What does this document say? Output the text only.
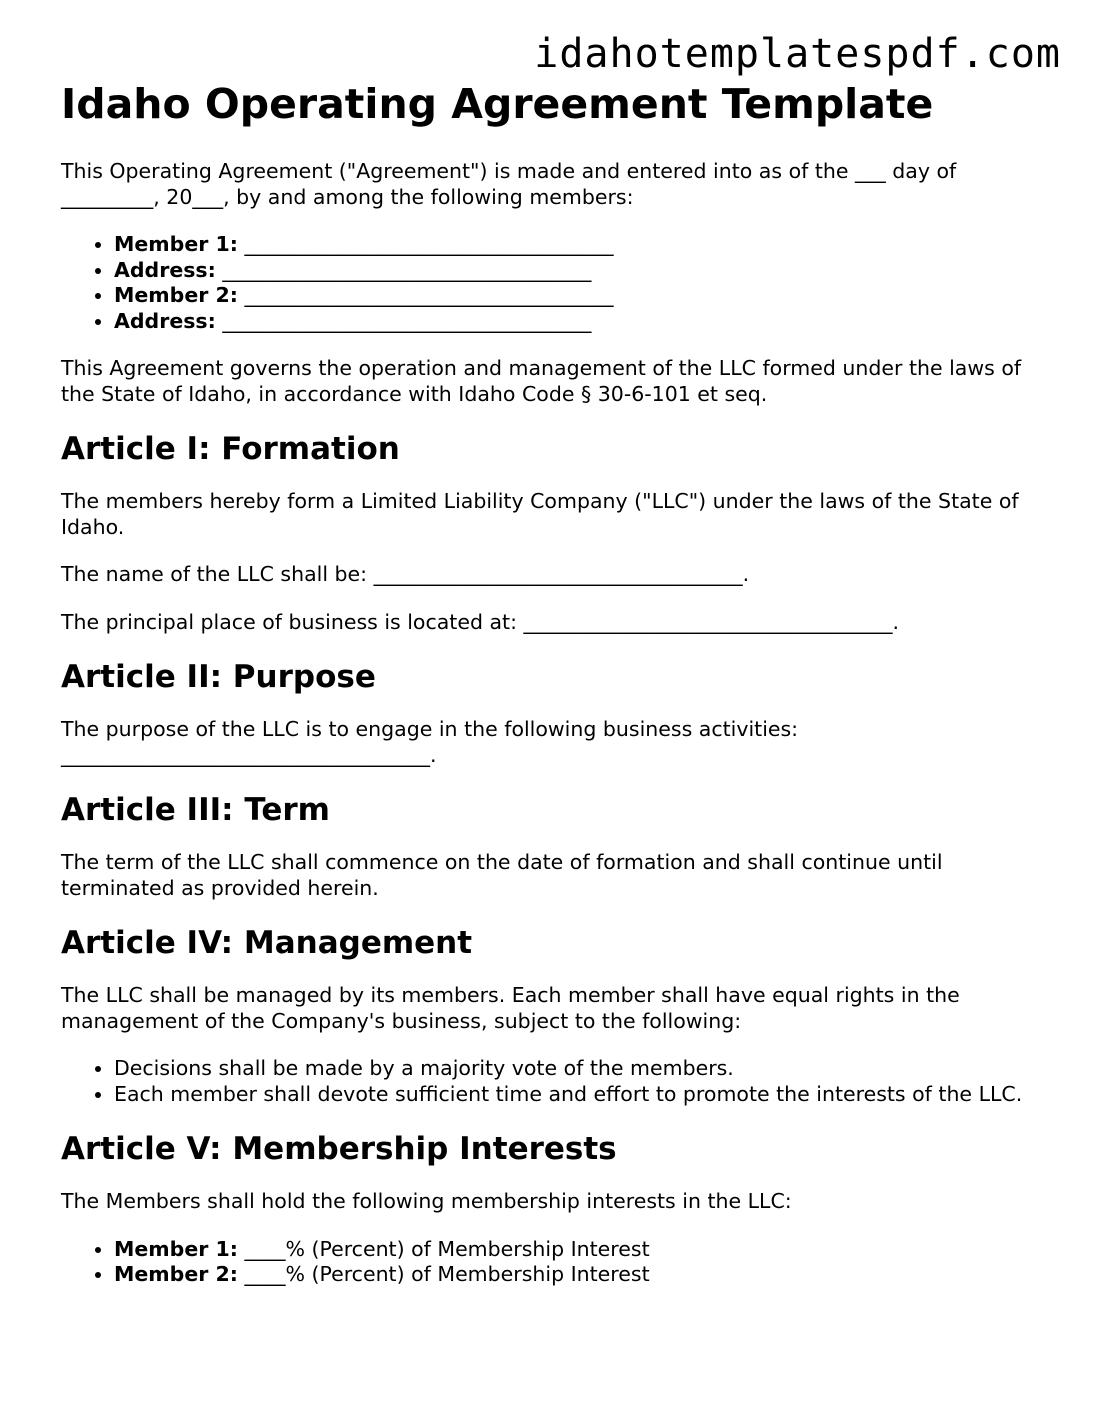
idahotemplatespdf.com
Idaho Operating Agreement Template

This Operating Agreement ("Agreement") is made and entered into as of the ___ day of _________, 20___, by and among the following members:

• Member 1: ____________________________________
• Address: ____________________________________
• Member 2: ____________________________________
• Address: ____________________________________

This Agreement governs the operation and management of the LLC formed under the laws of the State of Idaho, in accordance with Idaho Code § 30-6-101 et seq.

Article I: Formation

The members hereby form a Limited Liability Company ("LLC") under the laws of the State of Idaho.

The name of the LLC shall be: ____________________________________.

The principal place of business is located at: ____________________________________.

Article II: Purpose

The purpose of the LLC is to engage in the following business activities: ____________________________________.

Article III: Term

The term of the LLC shall commence on the date of formation and shall continue until terminated as provided herein.

Article IV: Management

The LLC shall be managed by its members. Each member shall have equal rights in the management of the Company's business, subject to the following:

• Decisions shall be made by a majority vote of the members.
• Each member shall devote sufficient time and effort to promote the interests of the LLC.
Article V: Membership Interests

The Members shall hold the following membership interests in the LLC:

• Member 1: ____% (Percent) of Membership Interest
• Member 2: ____% (Percent) of Membership Interest
